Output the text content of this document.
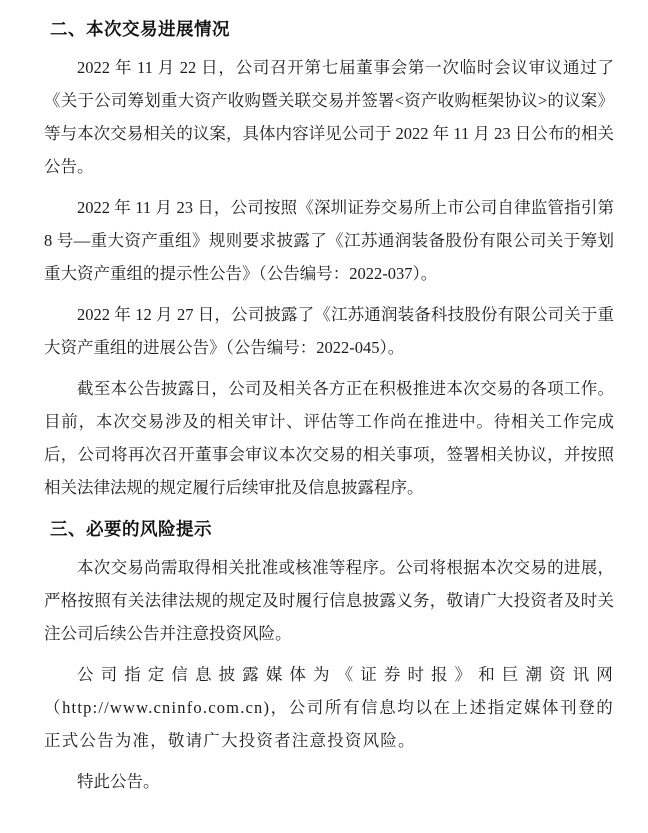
二、本次交易进展情况

2022 年 11 月 22 日，公司召开第七届董事会第一次临时会议审议通过了《关于公司筹划重大资产收购暨关联交易并签署<资产收购框架协议>的议案》等与本次交易相关的议案，具体内容详见公司于 2022 年 11 月 23 日公布的相关公告。

2022 年 11 月 23 日，公司按照《深圳证券交易所上市公司自律监管指引第 8 号—重大资产重组》规则要求披露了《江苏通润装备股份有限公司关于筹划重大资产重组的提示性公告》（公告编号：2022-037）。

2022 年 12 月 27 日，公司披露了《江苏通润装备科技股份有限公司关于重大资产重组的进展公告》（公告编号：2022-045）。

截至本公告披露日，公司及相关各方正在积极推进本次交易的各项工作。目前，本次交易涉及的相关审计、评估等工作尚在推进中。待相关工作完成后，公司将再次召开董事会审议本次交易的相关事项，签署相关协议，并按照相关法律法规的规定履行后续审批及信息披露程序。

三、必要的风险提示

本次交易尚需取得相关批准或核准等程序。公司将根据本次交易的进展，严格按照有关法律法规的规定及时履行信息披露义务，敬请广大投资者及时关注公司后续公告并注意投资风险。

公司指定信息披露媒体为《证券时报》和巨潮资讯网（http://www.cninfo.com.cn)，公司所有信息均以在上述指定媒体刊登的正式公告为准，敬请广大投资者注意投资风险。

特此公告。
